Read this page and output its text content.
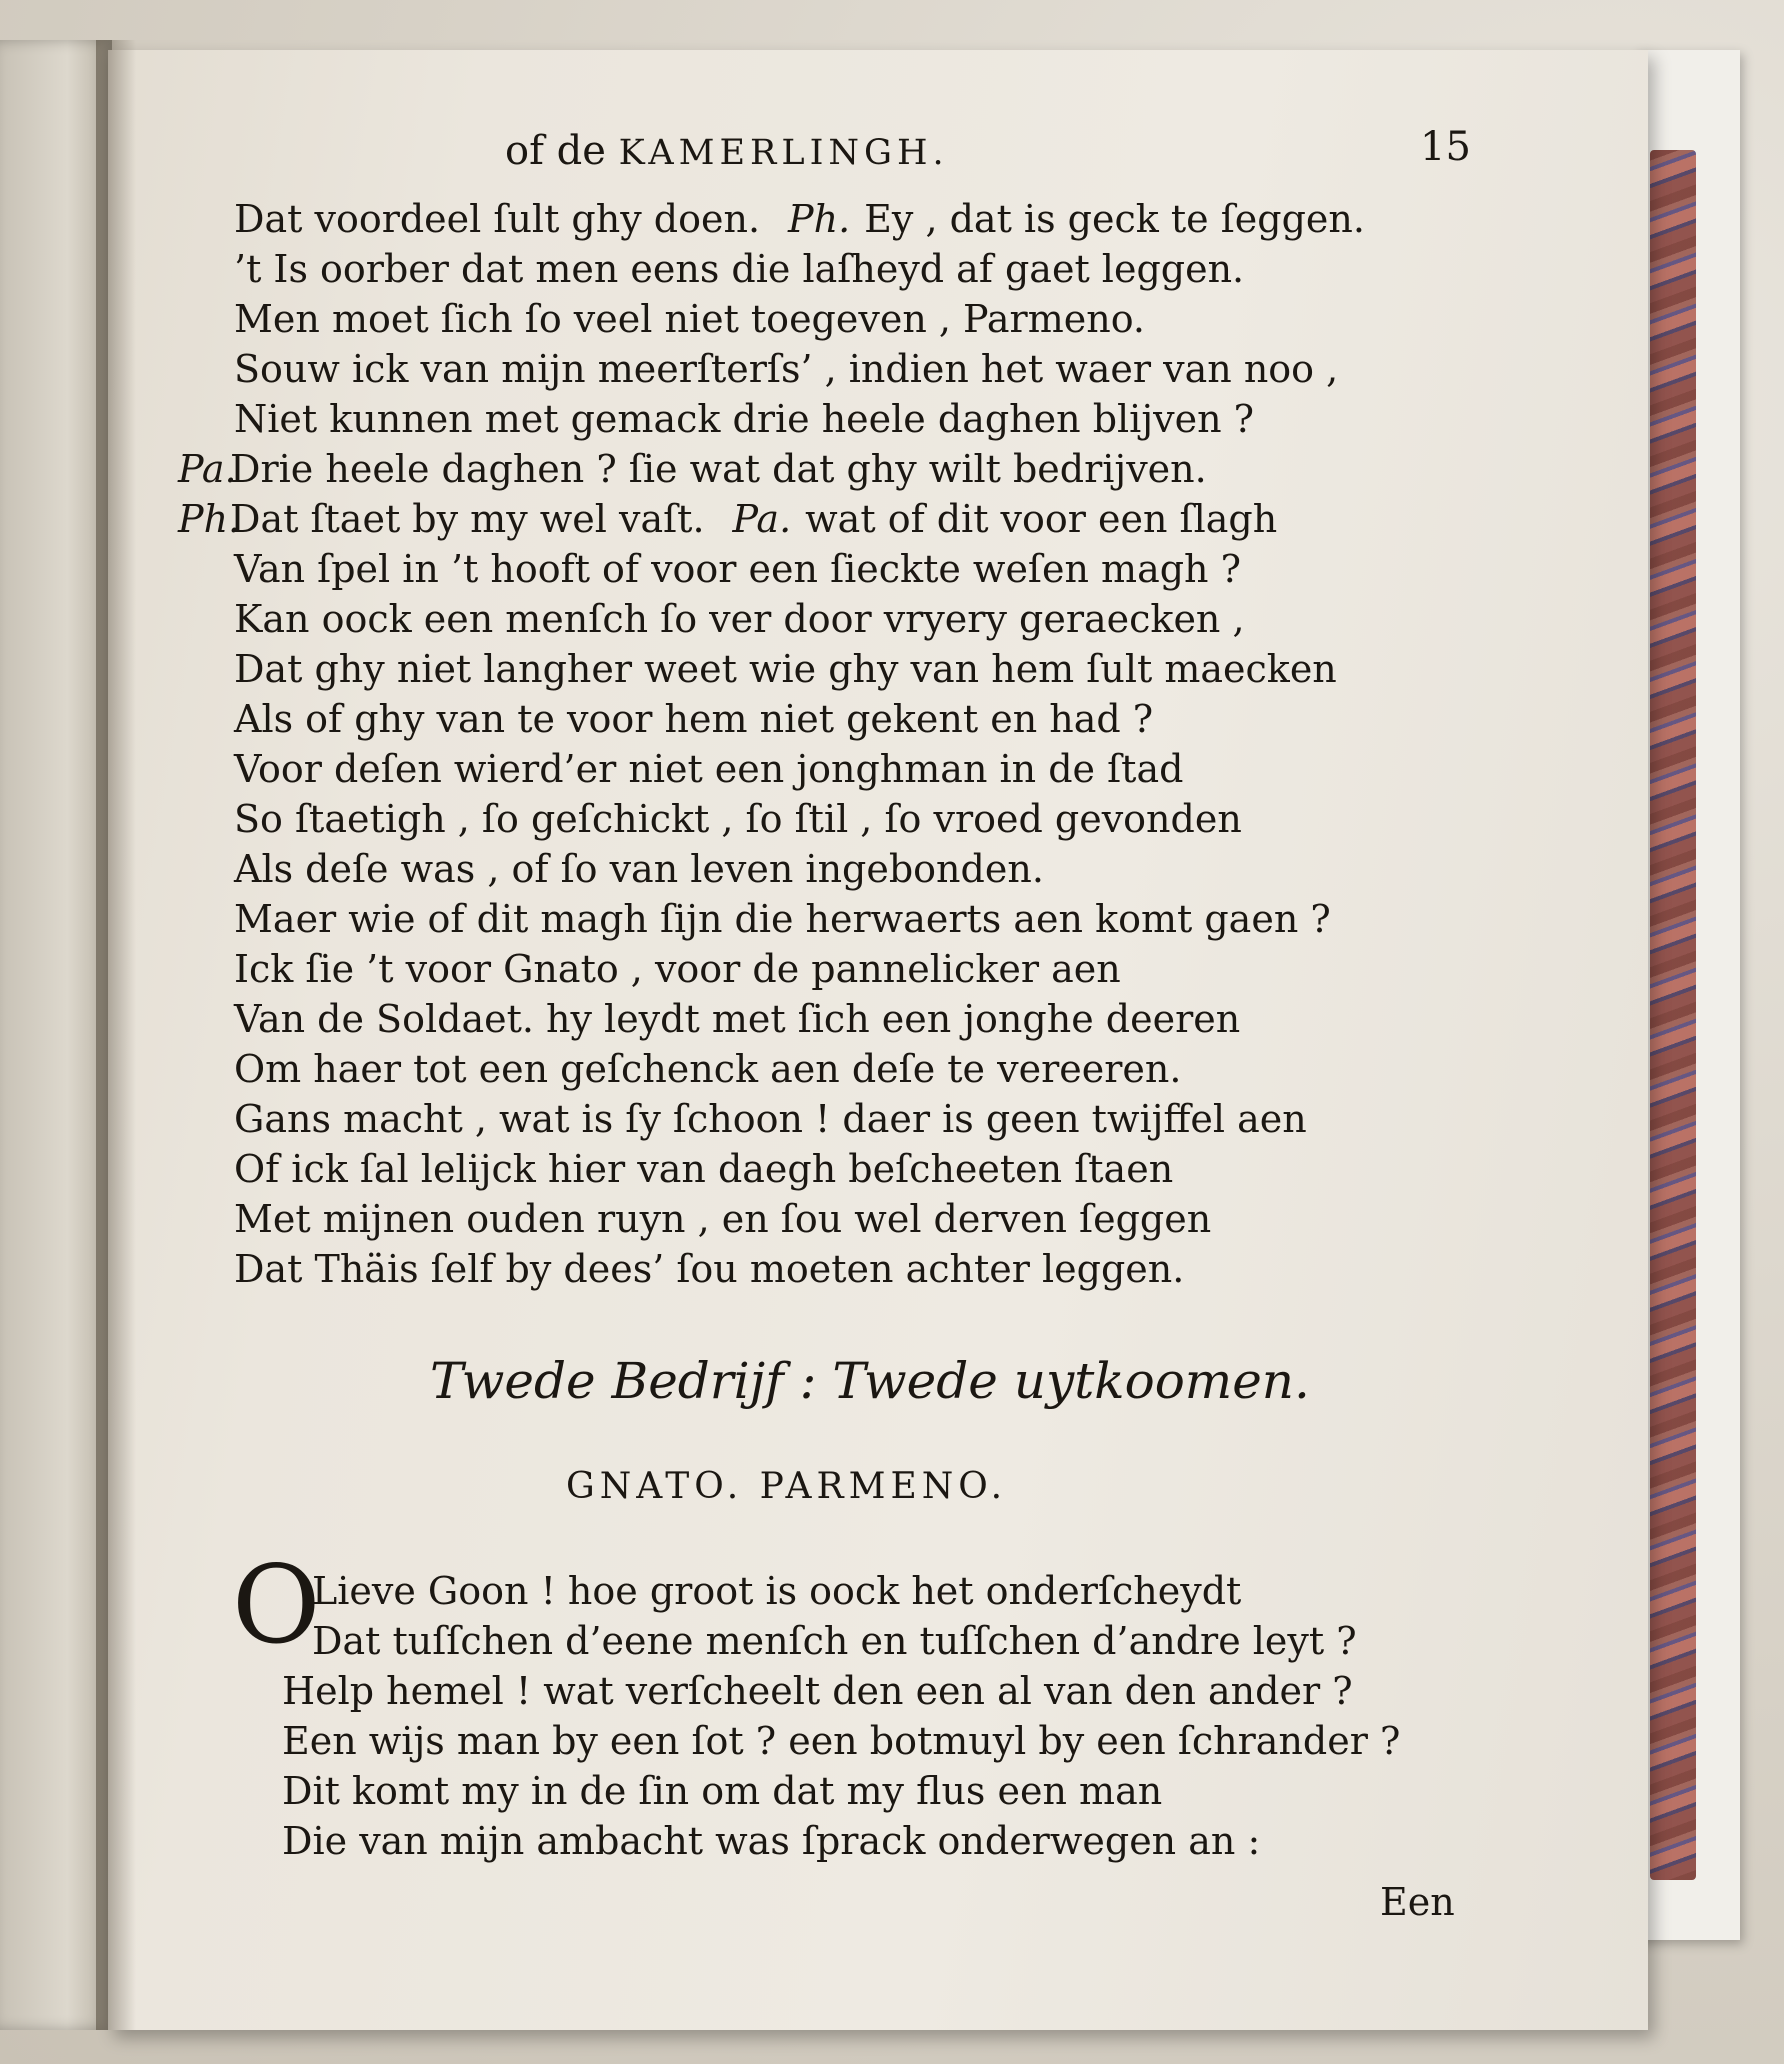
of de KAMERLINGH.	15
Dat voordeel ſult ghy doen. Ph. Ey , dat is geck te ſeggen.
’t Is oorber dat men eens die laſheyd af gaet leggen.
Men moet ſich ſo veel niet toegeven , Parmeno.
Souw ick van mijn meerſterſs’ , indien het waer van noo ,
Niet kunnen met gemack drie heele daghen blijven ?
Pa.Drie heele daghen ? ſie wat dat ghy wilt bedrijven.
Ph.Dat ſtaet by my wel vaſt. Pa. wat of dit voor een ſlagh
Van ſpel in ’t hooft of voor een ſieckte weſen magh ?
Kan oock een menſch ſo ver door vryery geraecken ,
Dat ghy niet langher weet wie ghy van hem ſult maecken
Als of ghy van te voor hem niet gekent en had ?
Voor deſen wierd’er niet een jonghman in de ſtad
So ſtaetigh , ſo geſchickt , ſo ſtil , ſo vroed gevonden
Als deſe was , of ſo van leven ingebonden.
Maer wie of dit magh ſijn die herwaerts aen komt gaen ?
Ick ſie ’t voor Gnato , voor de pannelicker aen
Van de Soldaet. hy leydt met ſich een jonghe deeren
Om haer tot een geſchenck aen deſe te vereeren.
Gans macht , wat is ſy ſchoon ! daer is geen twijffel aen
Of ick ſal lelijck hier van daegh beſcheeten ſtaen
Met mijnen ouden ruyn , en ſou wel derven ſeggen
Dat Thäis ſelf by dees’ ſou moeten achter leggen.
Twede Bedrijf : Twede uytkoomen.
GNATO. PARMENO.
O
Lieve Goon ! hoe groot is oock het onderſcheydt
Dat tuſſchen d’eene menſch en tuſſchen d’andre leyt ?
Help hemel ! wat verſcheelt den een al van den ander ?
Een wijs man by een ſot ? een botmuyl by een ſchrander ?
Dit komt my in de ſin om dat my flus een man
Die van mijn ambacht was ſprack onderwegen an :
Een
